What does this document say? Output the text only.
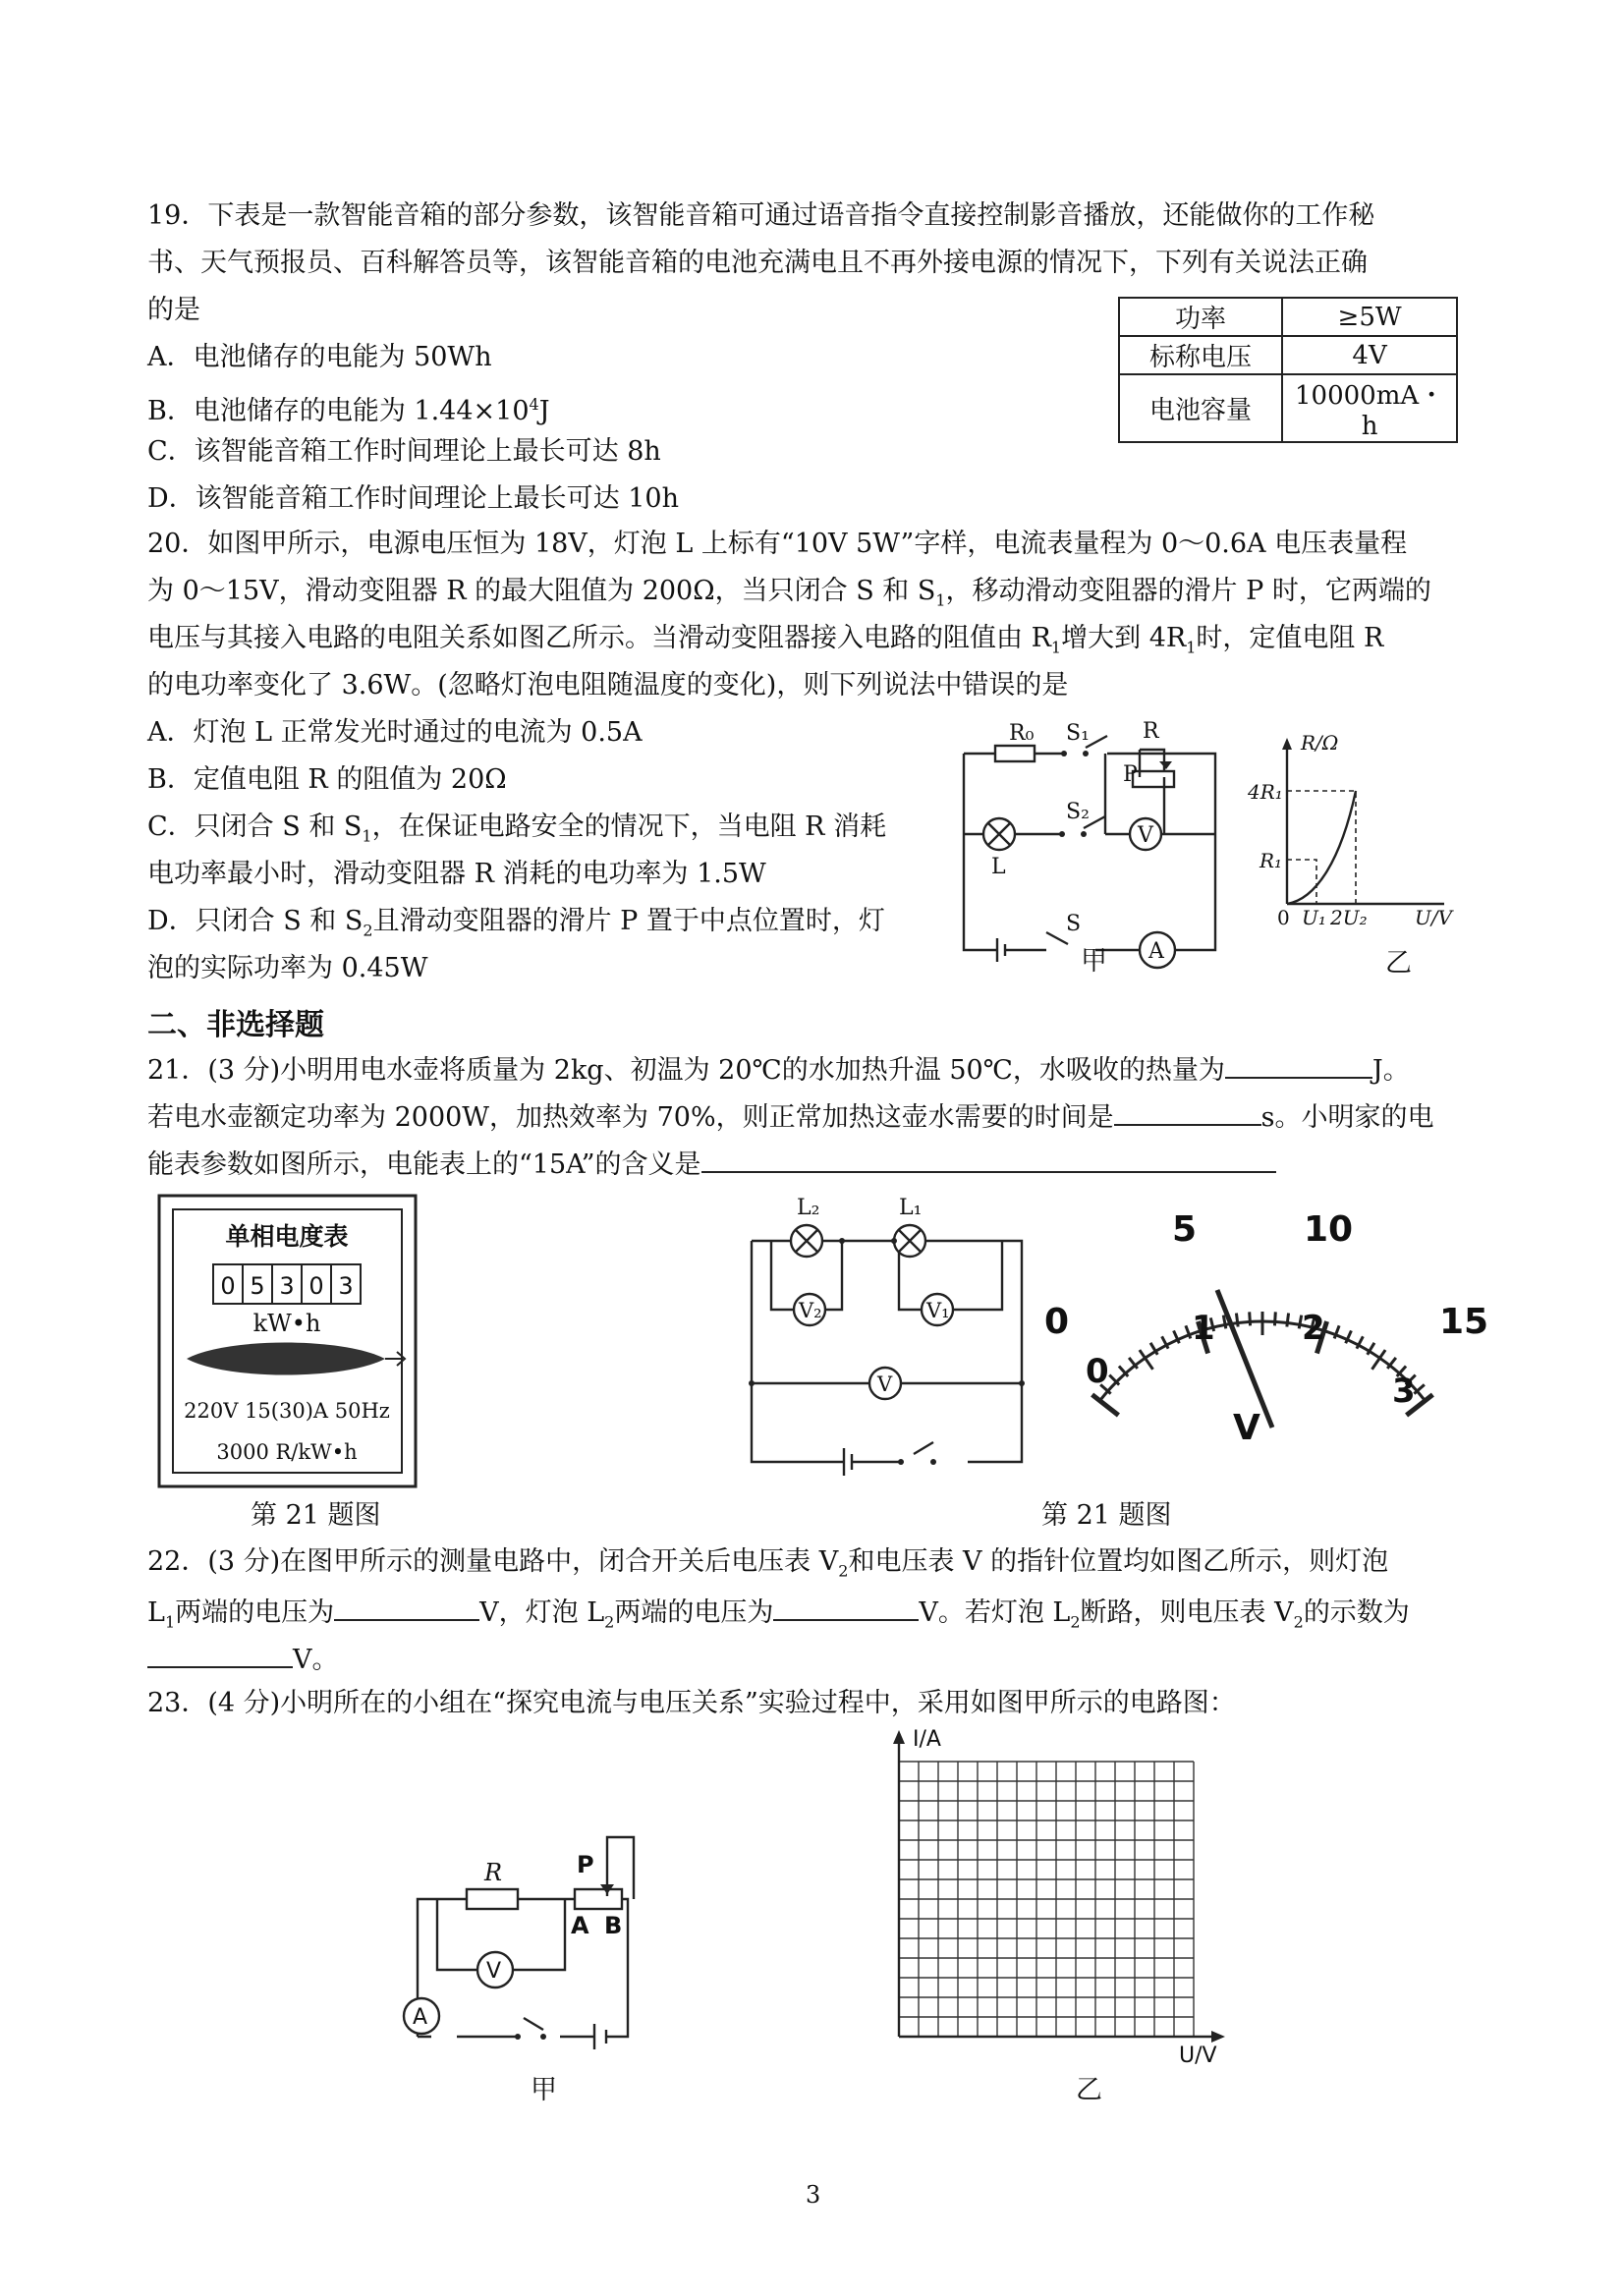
19．下表是一款智能音箱的部分参数，该智能音箱可通过语音指令直接控制影音播放，还能做你的工作秘
书、天气预报员、百科解答员等，该智能音箱的电池充满电且不再外接电源的情况下，下列有关说法正确
的是
A．电池储存的电能为 50Wh
B．电池储存的电能为 $1.44\times 10^4J$
C．该智能音箱工作时间理论上最长可达 8h
D．该智能音箱工作时间理论上最长可达 10h
功率	≥5W
标称电压	4V
电池容量	10000mA・h
20．如图甲所示，电源电压恒为 18V，灯泡 L 上标有“10V 5W”字样，电流表量程为 0～0.6A 电压表量程
为 0～15V，滑动变阻器 R 的最大阻值为 200Ω，当只闭合 S 和 $S_1$，移动滑动变阻器的滑片 P 时，它两端的
电压与其接入电路的电阻关系如图乙所示。当滑动变阻器接入电路的阻值由 $R_1$增大到 $4R_1$时，定值电阻 R
的电功率变化了 3.6W。(忽略灯泡电阻随温度的变化)，则下列说法中错误的是
A．灯泡 L 正常发光时通过的电流为 0.5A
B．定值电阻 R 的阻值为 20Ω
C．只闭合 S 和 $S_1$，在保证电路安全的情况下，当电阻 R 消耗
电功率最小时，滑动变阻器 R 消耗的电功率为 1.5W
D．只闭合 S 和 $S_2$且滑动变阻器的滑片 P 置于中点位置时，灯
泡的实际功率为 0.45W
R₀ S₁ R
P
S₂
L
S
V
A
甲
R/Ω
4R₁
R₁
0 U₁ 2U₂ U/V
乙
二、非选择题
21．(3 分)小明用电水壶将质量为 2kg、初温为 20℃的水加热升温 50℃，水吸收的热量为	J。
若电水壶额定功率为 2000W，加热效率为 70%，则正常加热这壶水需要的时间是	s。小明家的电
能表参数如图所示，电能表上的“15A”的含义是
单相电度表
0 5 3 0 3
kW•h
220V 15(30)A 50Hz
3000 R/kW•h
第 21 题图
L₂	L₁
V₂	V₁
V
0
5	10
15
0
1	2
3
V
第 21 题图
22．(3 分)在图甲所示的测量电路中，闭合开关后电压表 $V_2$和电压表 V 的指针位置均如图乙所示，则灯泡
$L_1$两端的电压为	V，灯泡 $L_2$两端的电压为	V。若灯泡 $L_2$断路，则电压表 $V_2$的示数为
V。
23．(4 分)小明所在的小组在“探究电流与电压关系”实验过程中，采用如图甲所示的电路图：
R	P
A B
V
A
甲
I/A
U/V
乙
3
